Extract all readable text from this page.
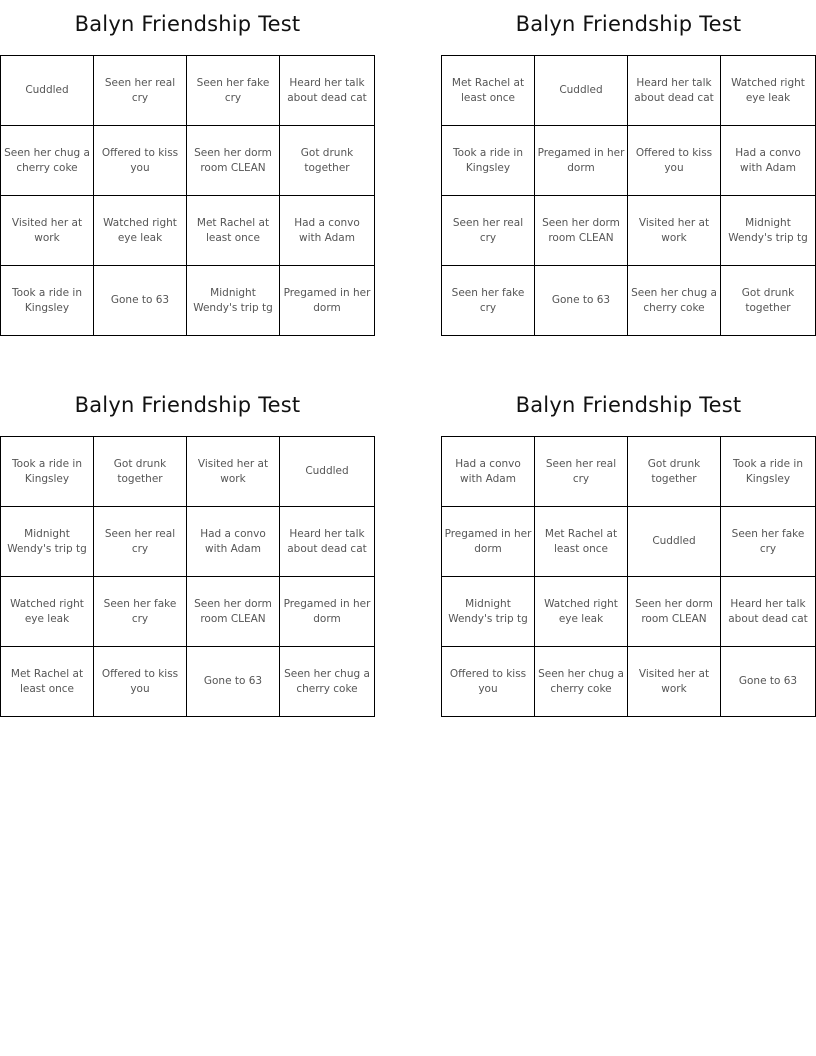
Balyn Friendship Test
Cuddled
Seen her real cry
Seen her fake cry
Heard her talk about dead cat
Seen her chug a cherry coke
Offered to kiss you
Seen her dorm room CLEAN
Got drunk together
Visited her at work
Watched right eye leak
Met Rachel at least once
Had a convo with Adam
Took a ride in Kingsley
Gone to 63
Midnight Wendy's trip tg
Pregamed in her dorm
Balyn Friendship Test
Met Rachel at least once
Cuddled
Heard her talk about dead cat
Watched right eye leak
Took a ride in Kingsley
Pregamed in her dorm
Offered to kiss you
Had a convo with Adam
Seen her real cry
Seen her dorm room CLEAN
Visited her at work
Midnight Wendy's trip tg
Seen her fake cry
Gone to 63
Seen her chug a cherry coke
Got drunk together
Balyn Friendship Test
Took a ride in Kingsley
Got drunk together
Visited her at work
Cuddled
Midnight Wendy's trip tg
Seen her real cry
Had a convo with Adam
Heard her talk about dead cat
Watched right eye leak
Seen her fake cry
Seen her dorm room CLEAN
Pregamed in her dorm
Met Rachel at least once
Offered to kiss you
Gone to 63
Seen her chug a cherry coke
Balyn Friendship Test
Had a convo with Adam
Seen her real cry
Got drunk together
Took a ride in Kingsley
Pregamed in her dorm
Met Rachel at least once
Cuddled
Seen her fake cry
Midnight Wendy's trip tg
Watched right eye leak
Seen her dorm room CLEAN
Heard her talk about dead cat
Offered to kiss you
Seen her chug a cherry coke
Visited her at work
Gone to 63
